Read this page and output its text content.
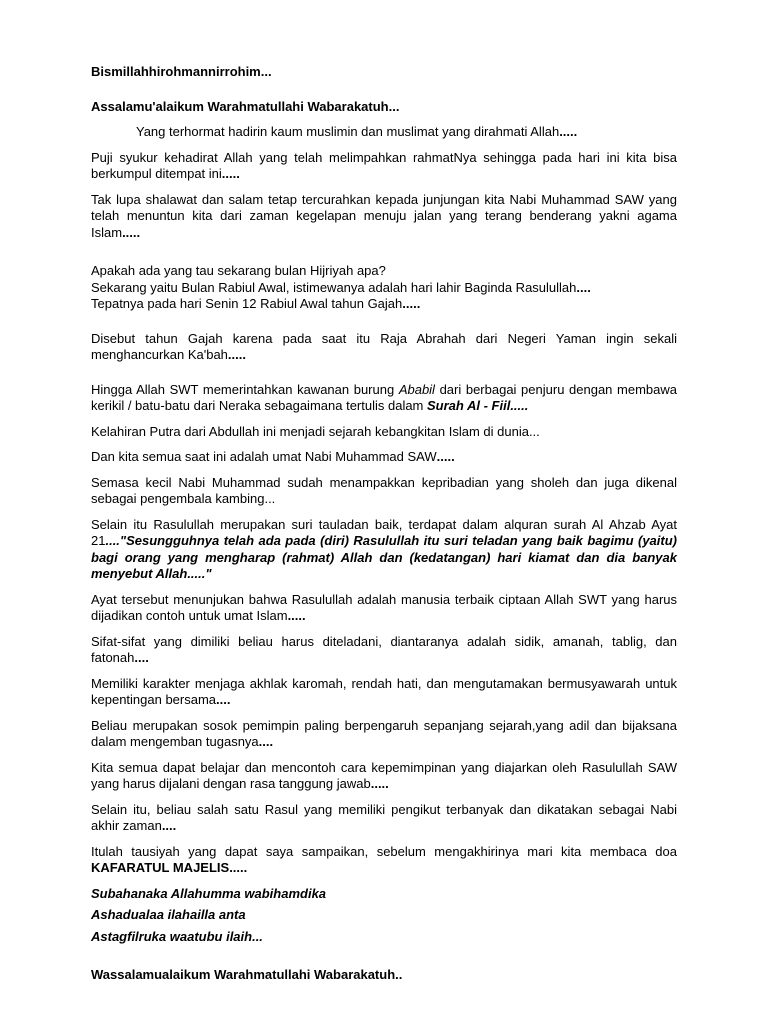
Bismillahhirohmannirrohim...

Assalamu'alaikum Warahmatullahi Wabarakatuh...

Yang terhormat hadirin kaum muslimin dan muslimat yang dirahmati Allah.....

Puji syukur kehadirat Allah yang telah melimpahkan rahmatNya sehingga pada hari ini kita bisa berkumpul ditempat ini.....

Tak lupa shalawat dan salam tetap tercurahkan kepada junjungan kita Nabi Muhammad SAW yang telah menuntun kita dari zaman kegelapan menuju jalan yang terang benderang yakni agama Islam.....

Apakah ada yang tau sekarang bulan Hijriyah apa?

Sekarang yaitu Bulan Rabiul Awal, istimewanya adalah hari lahir Baginda Rasulullah....

Tepatnya pada hari Senin 12 Rabiul Awal tahun Gajah.....

Disebut tahun Gajah karena pada saat itu Raja Abrahah dari Negeri Yaman ingin sekali menghancurkan Ka'bah.....

Hingga Allah SWT memerintahkan kawanan burung Ababil dari berbagai penjuru dengan membawa kerikil / batu-batu dari Neraka sebagaimana tertulis dalam Surah Al - Fiil.....

Kelahiran Putra dari Abdullah ini menjadi sejarah kebangkitan Islam di dunia...

Dan kita semua saat ini adalah umat Nabi Muhammad SAW.....

Semasa kecil Nabi Muhammad sudah menampakkan kepribadian yang sholeh dan juga dikenal sebagai pengembala kambing...

Selain itu Rasulullah merupakan suri tauladan baik, terdapat dalam alquran surah Al Ahzab Ayat 21...."Sesungguhnya telah ada pada (diri) Rasulullah itu suri teladan yang baik bagimu (yaitu) bagi orang yang mengharap (rahmat) Allah dan (kedatangan) hari kiamat dan dia banyak menyebut Allah....."

Ayat tersebut menunjukan bahwa Rasulullah adalah manusia terbaik ciptaan Allah SWT yang harus dijadikan contoh untuk umat Islam.....

Sifat-sifat yang dimiliki beliau harus diteladani, diantaranya adalah sidik, amanah, tablig, dan fatonah....

Memiliki karakter menjaga akhlak karomah, rendah hati, dan mengutamakan bermusyawarah untuk kepentingan bersama....

Beliau merupakan sosok pemimpin paling berpengaruh sepanjang sejarah,yang adil dan bijaksana dalam mengemban tugasnya....

Kita semua dapat belajar dan mencontoh cara kepemimpinan yang diajarkan oleh Rasulullah SAW yang harus dijalani dengan rasa tanggung jawab.....

Selain itu, beliau salah satu Rasul yang memiliki pengikut terbanyak dan dikatakan sebagai Nabi akhir zaman....

Itulah tausiyah yang dapat saya sampaikan, sebelum mengakhirinya mari kita membaca doa KAFARATUL MAJELIS.....

Subahanaka Allahumma wabihamdika

Ashadualaa ilahailla anta

Astagfilruka waatubu ilaih...

Wassalamualaikum Warahmatullahi Wabarakatuh..
